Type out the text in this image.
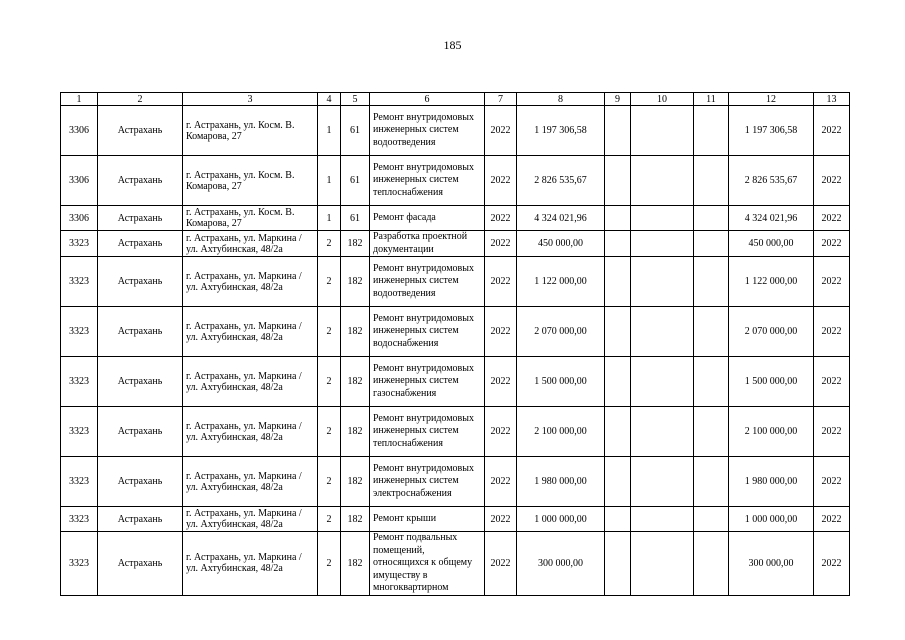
185
1	2	3	4	5	6	7	8	9	10	11	12	13
3306	Астрахань	г. Астрахань, ул. Косм. В. Комарова, 27	1	61	Ремонт внутридомовых инженерных систем водоотведения	2022	1 197 306,58				1 197 306,58	2022
3306	Астрахань	г. Астрахань, ул. Косм. В. Комарова, 27	1	61	Ремонт внутридомовых инженерных систем теплоснабжения	2022	2 826 535,67				2 826 535,67	2022
3306	Астрахань	г. Астрахань, ул. Косм. В. Комарова, 27	1	61	Ремонт фасада	2022	4 324 021,96				4 324 021,96	2022
3323	Астрахань	г. Астрахань, ул. Маркина / ул. Ахтубинская, 48/2а	2	182	Разработка проектной документации	2022	450 000,00				450 000,00	2022
3323	Астрахань	г. Астрахань, ул. Маркина / ул. Ахтубинская, 48/2а	2	182	Ремонт внутридомовых инженерных систем водоотведения	2022	1 122 000,00				1 122 000,00	2022
3323	Астрахань	г. Астрахань, ул. Маркина / ул. Ахтубинская, 48/2а	2	182	Ремонт внутридомовых инженерных систем водоснабжения	2022	2 070 000,00				2 070 000,00	2022
3323	Астрахань	г. Астрахань, ул. Маркина / ул. Ахтубинская, 48/2а	2	182	Ремонт внутридомовых инженерных систем газоснабжения	2022	1 500 000,00				1 500 000,00	2022
3323	Астрахань	г. Астрахань, ул. Маркина / ул. Ахтубинская, 48/2а	2	182	Ремонт внутридомовых инженерных систем теплоснабжения	2022	2 100 000,00				2 100 000,00	2022
3323	Астрахань	г. Астрахань, ул. Маркина / ул. Ахтубинская, 48/2а	2	182	Ремонт внутридомовых инженерных систем электроснабжения	2022	1 980 000,00				1 980 000,00	2022
3323	Астрахань	г. Астрахань, ул. Маркина / ул. Ахтубинская, 48/2а	2	182	Ремонт крыши	2022	1 000 000,00				1 000 000,00	2022
3323	Астрахань	г. Астрахань, ул. Маркина / ул. Ахтубинская, 48/2а	2	182	Ремонт подвальных помещений, относящихся к общему имуществу в многоквартирном	2022	300 000,00				300 000,00	2022
